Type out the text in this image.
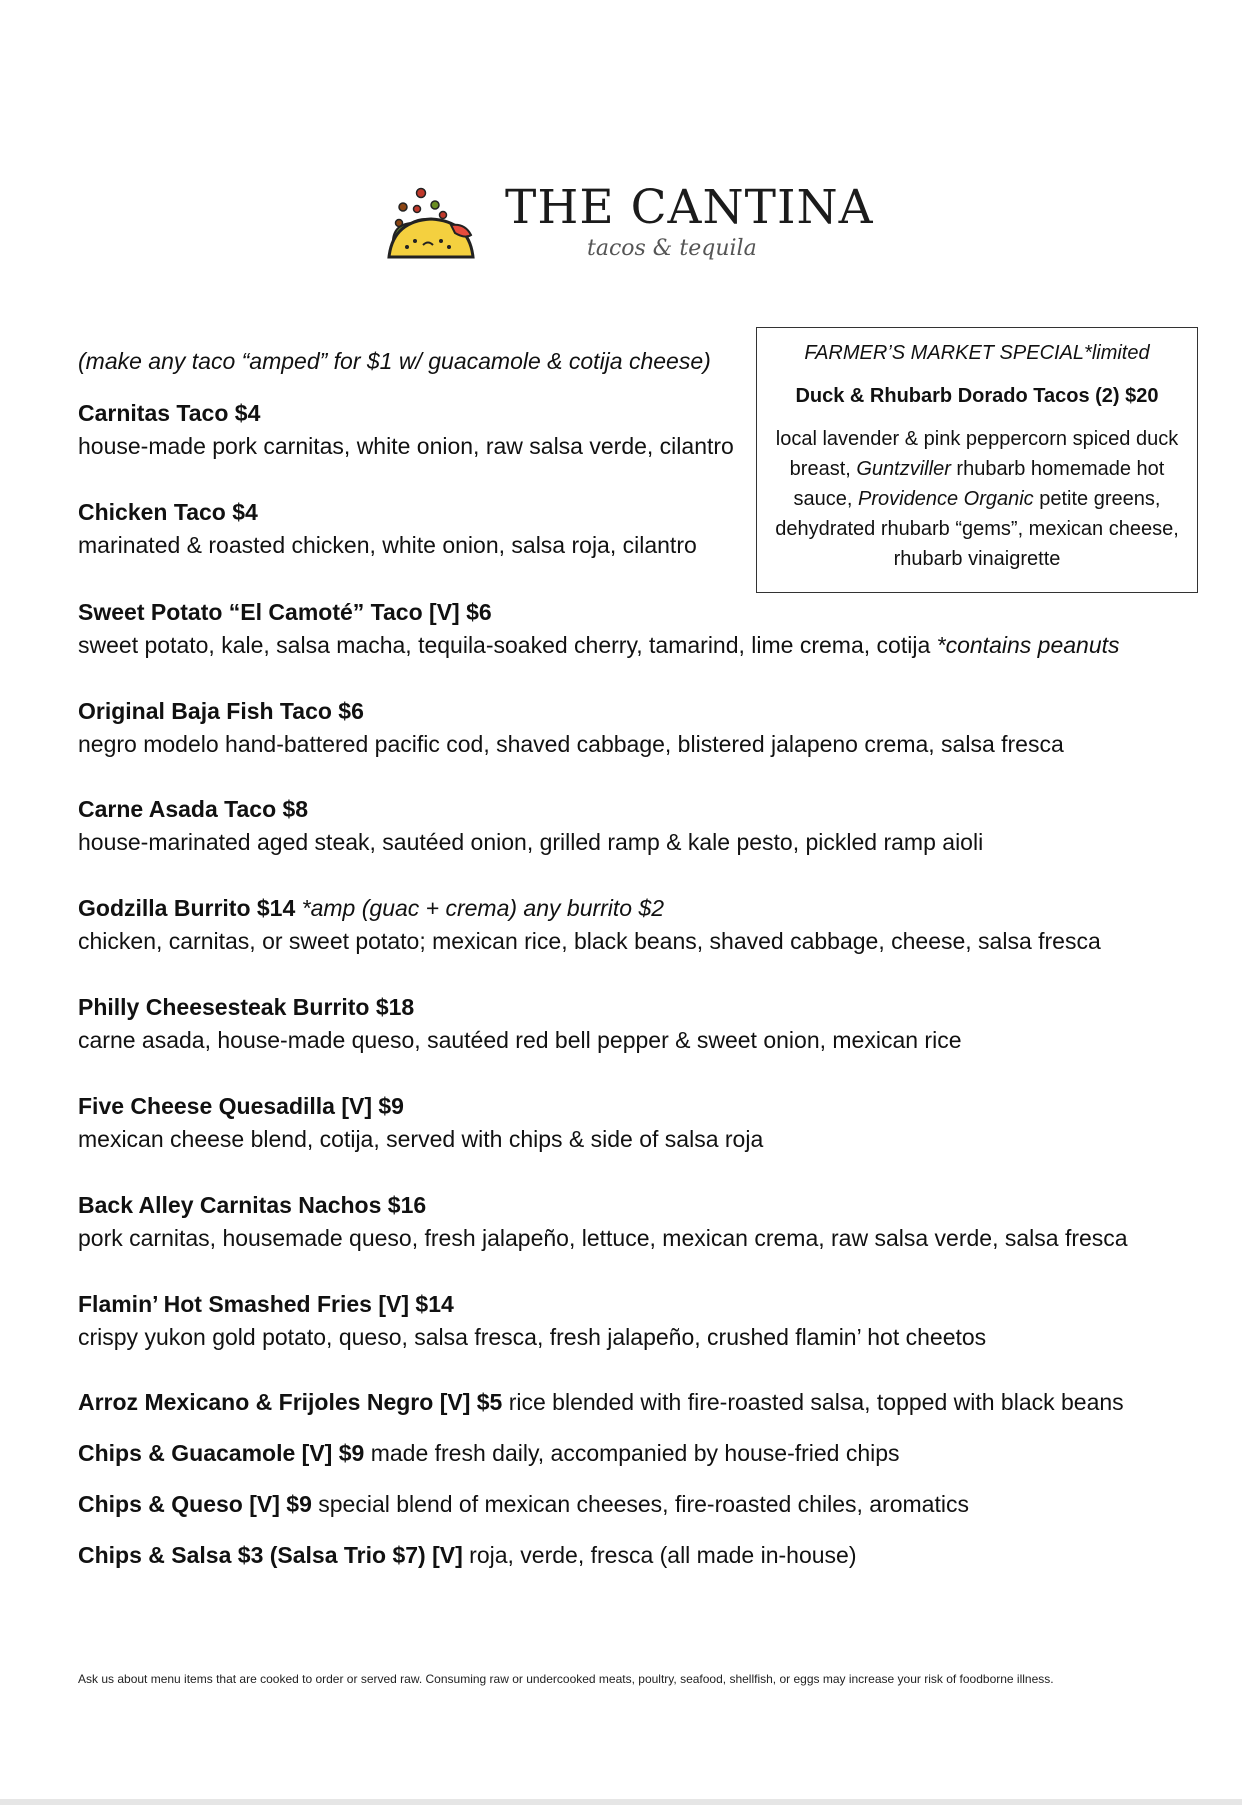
THE CANTINA
tacos & tequila
(make any taco “amped” for $1 w/ guacamole & cotija cheese)	FARMER’S MARKET SPECIAL*limited
Duck & Rhubarb Dorado Tacos (2) $20
local lavender & pink peppercorn spiced duck breast, Guntzviller rhubarb homemade hot sauce, Providence Organic petite greens, dehydrated rhubarb “gems”, mexican cheese, rhubarb vinaigrette
Carnitas Taco $4
house-made pork carnitas, white onion, raw salsa verde, cilantro
Chicken Taco $4
marinated & roasted chicken, white onion, salsa roja, cilantro
Sweet Potato “El Camoté” Taco [V] $6
sweet potato, kale, salsa macha, tequila-soaked cherry, tamarind, lime crema, cotija *contains peanuts
Original Baja Fish Taco $6
negro modelo hand-battered pacific cod, shaved cabbage, blistered jalapeno crema, salsa fresca
Carne Asada Taco $8
house-marinated aged steak, sautéed onion, grilled ramp & kale pesto, pickled ramp aioli
Godzilla Burrito $14 *amp (guac + crema) any burrito $2
chicken, carnitas, or sweet potato; mexican rice, black beans, shaved cabbage, cheese, salsa fresca
Philly Cheesesteak Burrito $18
carne asada, house-made queso, sautéed red bell pepper & sweet onion, mexican rice
Five Cheese Quesadilla [V] $9
mexican cheese blend, cotija, served with chips & side of salsa roja
Back Alley Carnitas Nachos $16
pork carnitas, housemade queso, fresh jalapeño, lettuce, mexican crema, raw salsa verde, salsa fresca
Flamin’ Hot Smashed Fries [V] $14
crispy yukon gold potato, queso, salsa fresca, fresh jalapeño, crushed flamin’ hot cheetos
Arroz Mexicano & Frijoles Negro [V] $5 rice blended with fire-roasted salsa, topped with black beans
Chips & Guacamole [V] $9 made fresh daily, accompanied by house-fried chips
Chips & Queso [V] $9 special blend of mexican cheeses, fire-roasted chiles, aromatics
Chips & Salsa $3 (Salsa Trio $7) [V] roja, verde, fresca (all made in-house)
Ask us about menu items that are cooked to order or served raw. Consuming raw or undercooked meats, poultry, seafood, shellfish, or eggs may increase your risk of foodborne illness.
